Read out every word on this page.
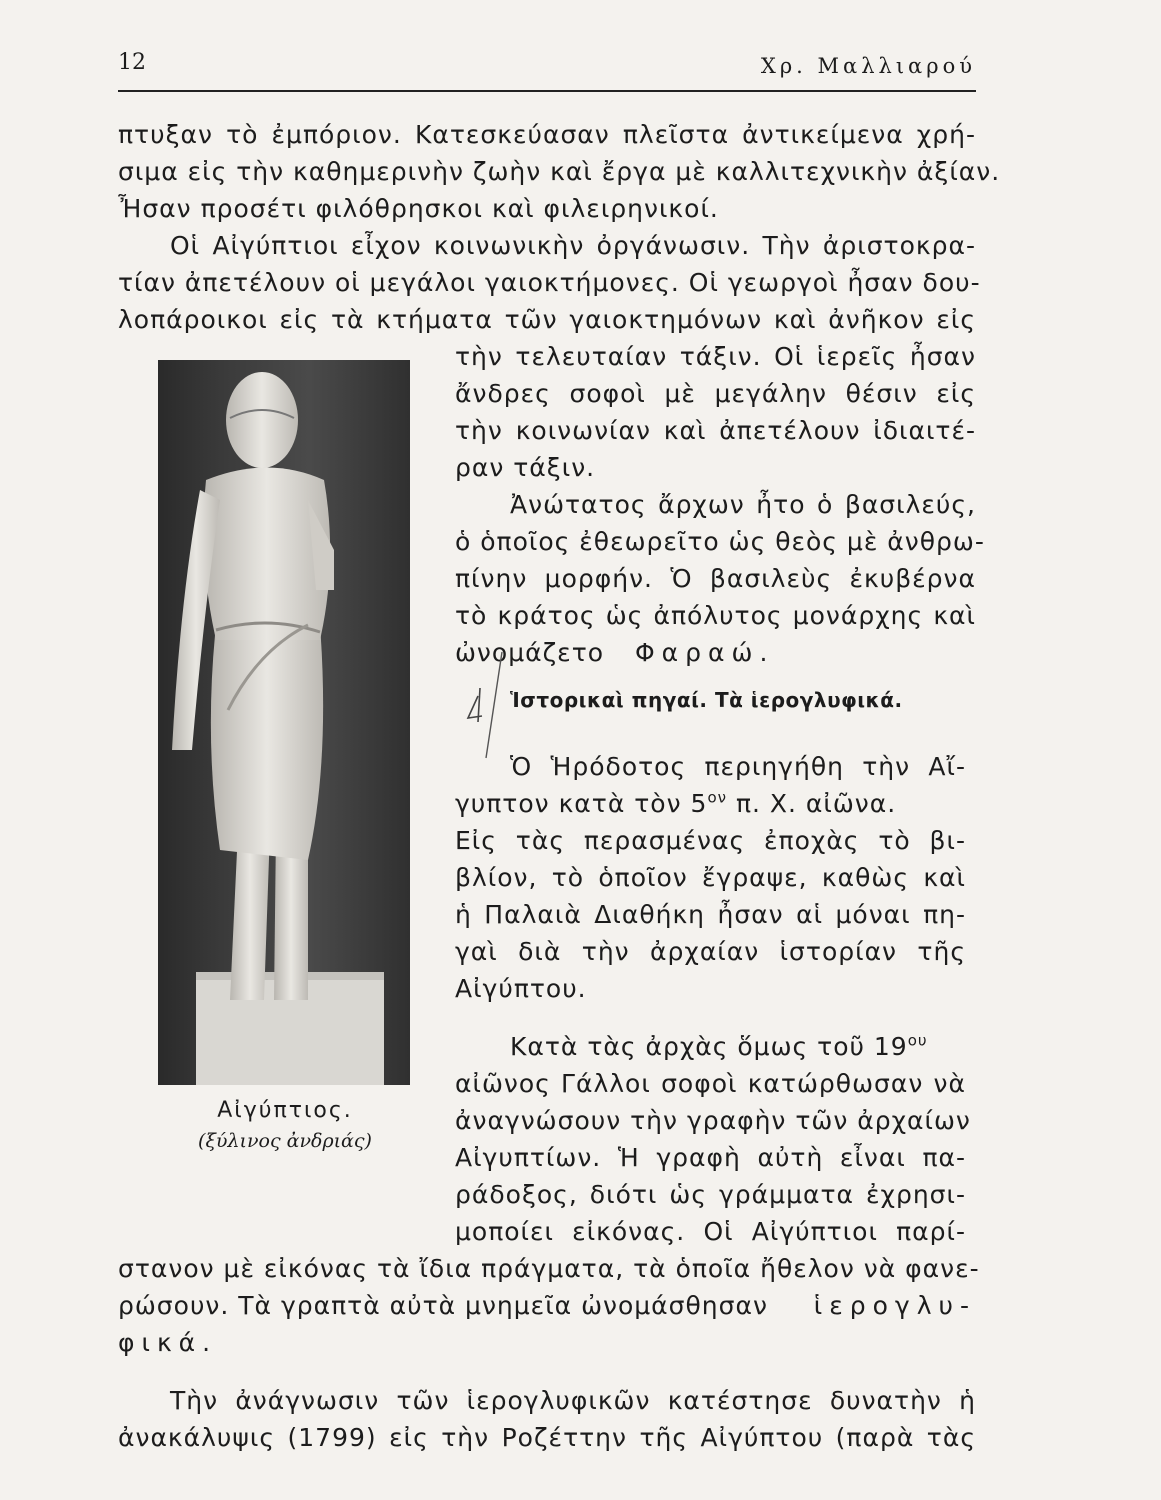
12	Χρ. Μαλλιαρού
πτυξαν τὸ ἐμπόριον. Κατεσκεύασαν πλεῖστα ἀντικείμενα χρή-
σιμα εἰς τὴν καθημερινὴν ζωὴν καὶ ἔργα μὲ καλλιτεχνικὴν ἀξίαν.
Ἦσαν προσέτι φιλόθρησκοι καὶ φιλειρηνικοί.
Οἱ Αἰγύπτιοι εἶχον κοινωνικὴν ὀργάνωσιν. Τὴν ἀριστοκρα-
τίαν ἀπετέλουν οἱ μεγάλοι γαιοκτήμονες. Οἱ γεωργοὶ ἦσαν δου-
λοπάροικοι εἰς τὰ κτήματα τῶν γαιοκτημόνων καὶ ἀνῆκον εἰς
τὴν τελευταίαν τάξιν. Οἱ ἱερεῖς ἦσαν
ἄνδρες σοφοὶ μὲ μεγάλην θέσιν εἰς
τὴν κοινωνίαν καὶ ἀπετέλουν ἰδιαιτέ-
ραν τάξιν.
Ἀνώτατος ἄρχων ἦτο ὁ βασιλεύς,
ὁ ὁποῖος ἐθεωρεῖτο ὡς θεὸς μὲ ἀνθρω-
πίνην μορφήν. Ὁ βασιλεὺς ἐκυβέρνα
τὸ κράτος ὡς ἀπόλυτος μονάρχης καὶ
ὠνομάζετο Φαραώ.
Ἱστορικαὶ πηγαί. Τὰ ἱερογλυφικά.
Ὁ Ἡρόδοτος περιηγήθη τὴν Αἴ-
γυπτον κατὰ τὸν $5^{o\nu}$ π. Χ. αἰῶνα.
Εἰς τὰς περασμένας ἐποχὰς τὸ βι-
βλίον, τὸ ὁποῖον ἔγραψε, καθὼς καὶ
ἡ Παλαιὰ Διαθήκη ἦσαν αἱ μόναι πη-
γαὶ διὰ τὴν ἀρχαίαν ἱστορίαν τῆς
Αἰγύπτου.
Κατὰ τὰς ἀρχὰς ὅμως τοῦ $19^{o\upsilon}$
αἰῶνος Γάλλοι σοφοὶ κατώρθωσαν νὰ
ἀναγνώσουν τὴν γραφὴν τῶν ἀρχαίων
Αἰγυπτίων. Ἡ γραφὴ αὐτὴ εἶναι πα-
ράδοξος, διότι ὡς γράμματα ἐχρησι-
μοποίει εἰκόνας. Οἱ Αἰγύπτιοι παρί-
στανον μὲ εἰκόνας τὰ ἴδια πράγματα, τὰ ὁποῖα ἤθελον νὰ φανε-
ρώσουν. Τὰ γραπτὰ αὐτὰ μνημεῖα ὠνομάσθησαν ἱερογλυ-
φικά.
Τὴν ἀνάγνωσιν τῶν ἱερογλυφικῶν κατέστησε δυνατὴν ἡ
ἀνακάλυψις (1799) εἰς τὴν Ροζέττην τῆς Αἰγύπτου (παρὰ τὰς
Αἰγύπτιος.
(ξύλινος ἀνδριάς)
